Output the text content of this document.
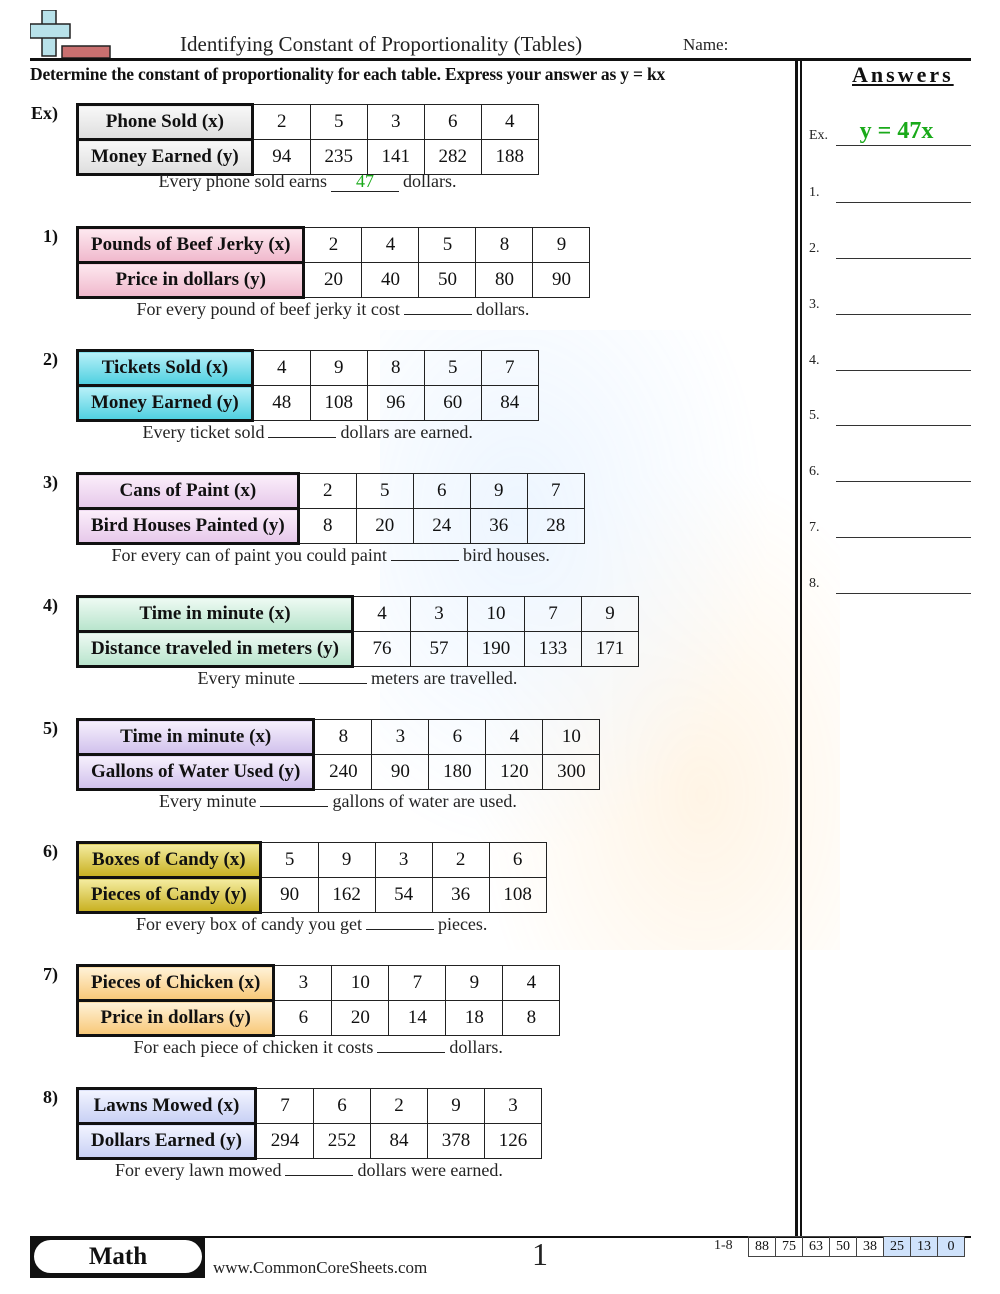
Identifying Constant of Proportionality (Tables)	Name:
Determine the constant of proportionality for each table. Express your answer as y = kx	Answers
Ex.	y = 47x
1.
2.
3.
4.
5.
6.
7.
8.
Ex)	Phone Sold (x)	2	5	3	6	4
Money Earned (y)	94	235	141	282	188
Every phone sold earns 47 dollars.
1) Pounds of Beef Jerky (x)	2	4	5	8	9
Price in dollars (y)	20	40	50	80	90
For every pound of beef jerky it cost	dollars.
2) Tickets Sold (x)	4	9	8	5	7
Money Earned (y)	48	108	96	60	84
Every ticket sold	dollars are earned.
3)	Cans of Paint (x)	2	5	6	9	7
Bird Houses Painted (y)	8	20	24	36	28
For every can of paint you could paint	bird houses.
4)	Time in minute (x)	4	3	10	7	9
Distance traveled in meters (y)	76	57	190	133	171
Every minute	meters are travelled.
5)	Time in minute (x)	8	3	6	4	10
Gallons of Water Used (y)	240	90	180	120	300
Every minute	gallons of water are used.
6) Boxes of Candy (x)	5	9	3	2	6
Pieces of Candy (y)	90	162	54	36	108
For every box of candy you get	pieces.
7) Pieces of Chicken (x)	3	10	7	9	4
Price in dollars (y)	6	20	14	18	8
For each piece of chicken it costs	dollars.
8) Lawns Mowed (x)	7	6	2	9	3
Dollars Earned (y)	294	252	84	378	126
For every lawn mowed	dollars were earned.
Math	www.CommonCoreSheets.com	1	1-8 88	75	63	50	38	25	13	0
